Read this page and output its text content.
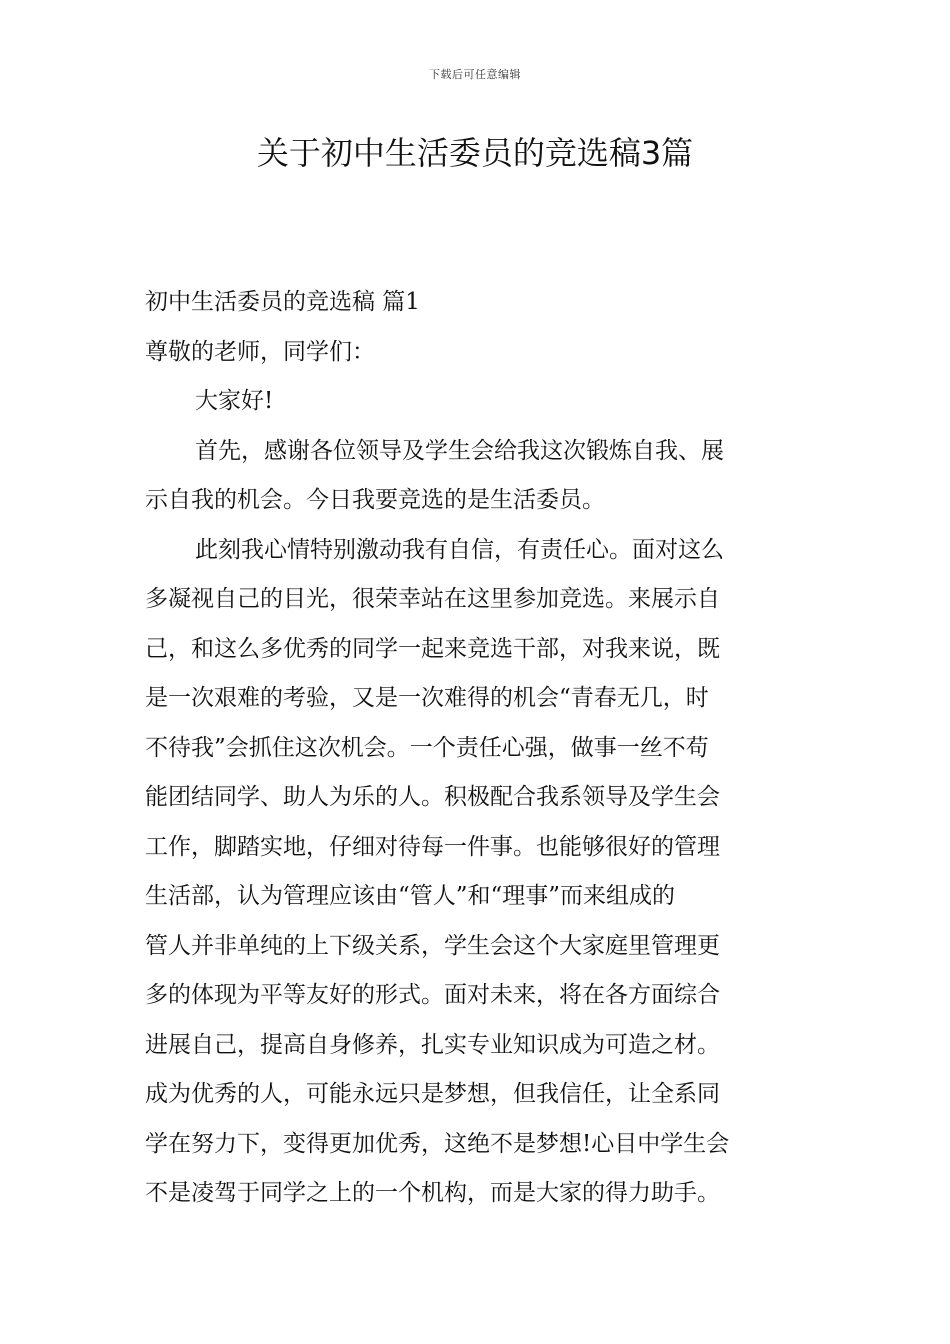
下载后可任意编辑
关于初中生活委员的竞选稿3篇
初中生活委员的竞选稿 篇1
尊敬的老师，同学们：
大家好!
首先，感谢各位领导及学生会给我这次锻炼自我、展
示自我的机会。今日我要竞选的是生活委员。
此刻我心情特别激动我有自信，有责任心。面对这么
多凝视自己的目光，很荣幸站在这里参加竞选。来展示自
己，和这么多优秀的同学一起来竞选干部，对我来说，既
是一次艰难的考验，又是一次难得的机会“青春无几，时
不待我”会抓住这次机会。一个责任心强，做事一丝不苟
能团结同学、助人为乐的人。积极配合我系领导及学生会
工作，脚踏实地，仔细对待每一件事。也能够很好的管理
生活部，认为管理应该由“管人”和“理事”而来组成的
管人并非单纯的上下级关系，学生会这个大家庭里管理更
多的体现为平等友好的形式。面对未来，将在各方面综合
进展自己，提高自身修养，扎实专业知识成为可造之材。
成为优秀的人，可能永远只是梦想，但我信任，让全系同
学在努力下，变得更加优秀，这绝不是梦想!心目中学生会
不是凌驾于同学之上的一个机构，而是大家的得力助手。
